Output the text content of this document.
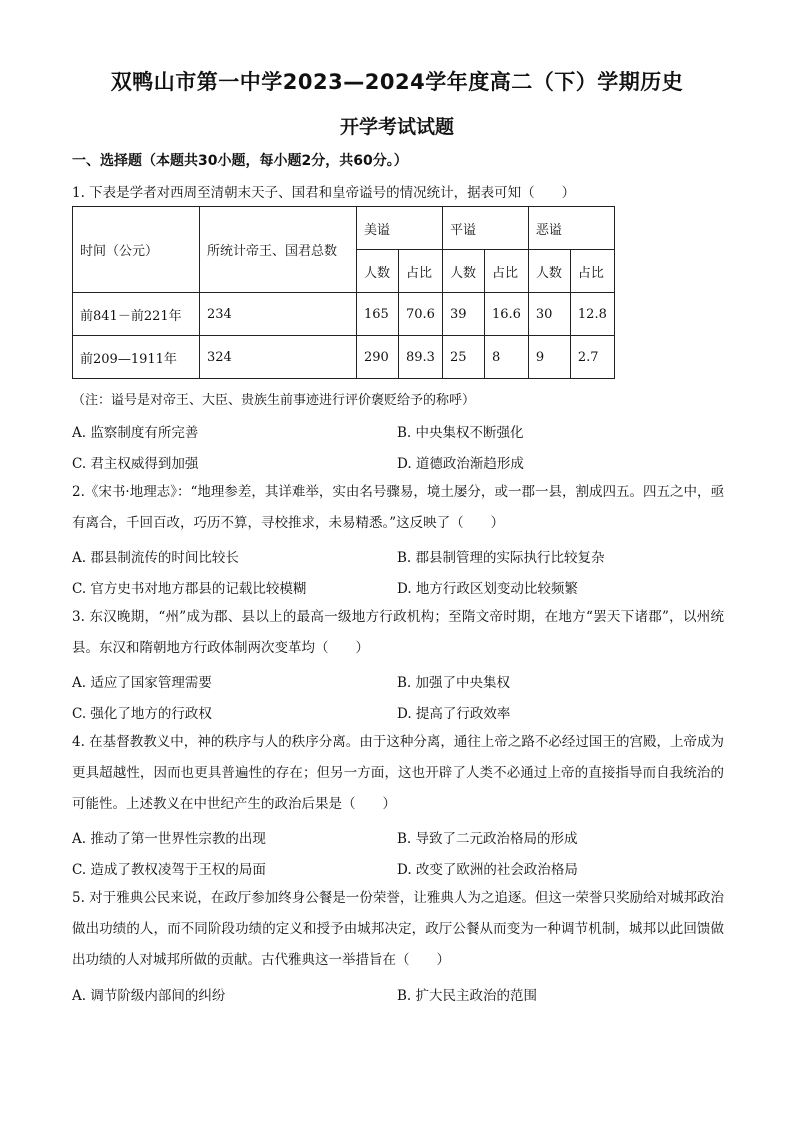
双鸭山市第一中学2023—2024学年度高二（下）学期历史
开学考试试题
一、选择题（本题共30小题，每小题2分，共60分。）
1. 下表是学者对西周至清朝末天子、国君和皇帝谥号的情况统计，据表可知（　　）
时间（公元）	所统计帝王、国君总数	美谥		平谥		恶谥	
		人数	占比	人数	占比	人数	占比
前841－前221年	234	165	70.6	39	16.6	30	12.8
前209—1911年	324	290	89.3	25	8	9	2.7
（注：谥号是对帝王、大臣、贵族生前事迹进行评价褒贬给予的称呼）
A. 监察制度有所完善	B. 中央集权不断强化
C. 君主权威得到加强	D. 道德政治渐趋形成
2.《宋书·地理志》：“地理参差，其详难举，实由名号骤易，境土屡分，或一郡一县，割成四五。四五之中，亟有离合，千回百改，巧历不算，寻校推求，未易精悉。”这反映了（　　）
A. 郡县制流传的时间比较长	B. 郡县制管理的实际执行比较复杂
C. 官方史书对地方郡县的记载比较模糊	D. 地方行政区划变动比较频繁
3. 东汉晚期，“州”成为郡、县以上的最高一级地方行政机构；至隋文帝时期，在地方“罢天下诸郡”，以州统县。东汉和隋朝地方行政体制两次变革均（　　）
A. 适应了国家管理需要	B. 加强了中央集权
C. 强化了地方的行政权	D. 提高了行政效率
4. 在基督教教义中，神的秩序与人的秩序分离。由于这种分离，通往上帝之路不必经过国王的宫殿，上帝成为更具超越性，因而也更具普遍性的存在；但另一方面，这也开辟了人类不必通过上帝的直接指导而自我统治的可能性。上述教义在中世纪产生的政治后果是（　　）
A. 推动了第一世界性宗教的出现	B. 导致了二元政治格局的形成
C. 造成了教权凌驾于王权的局面	D. 改变了欧洲的社会政治格局
5. 对于雅典公民来说，在政厅参加终身公餐是一份荣誉，让雅典人为之追逐。但这一荣誉只奖励给对城邦政治做出功绩的人，而不同阶段功绩的定义和授予由城邦决定，政厅公餐从而变为一种调节机制，城邦以此回馈做出功绩的人对城邦所做的贡献。古代雅典这一举措旨在（　　）
A. 调节阶级内部间的纠纷	B. 扩大民主政治的范围
